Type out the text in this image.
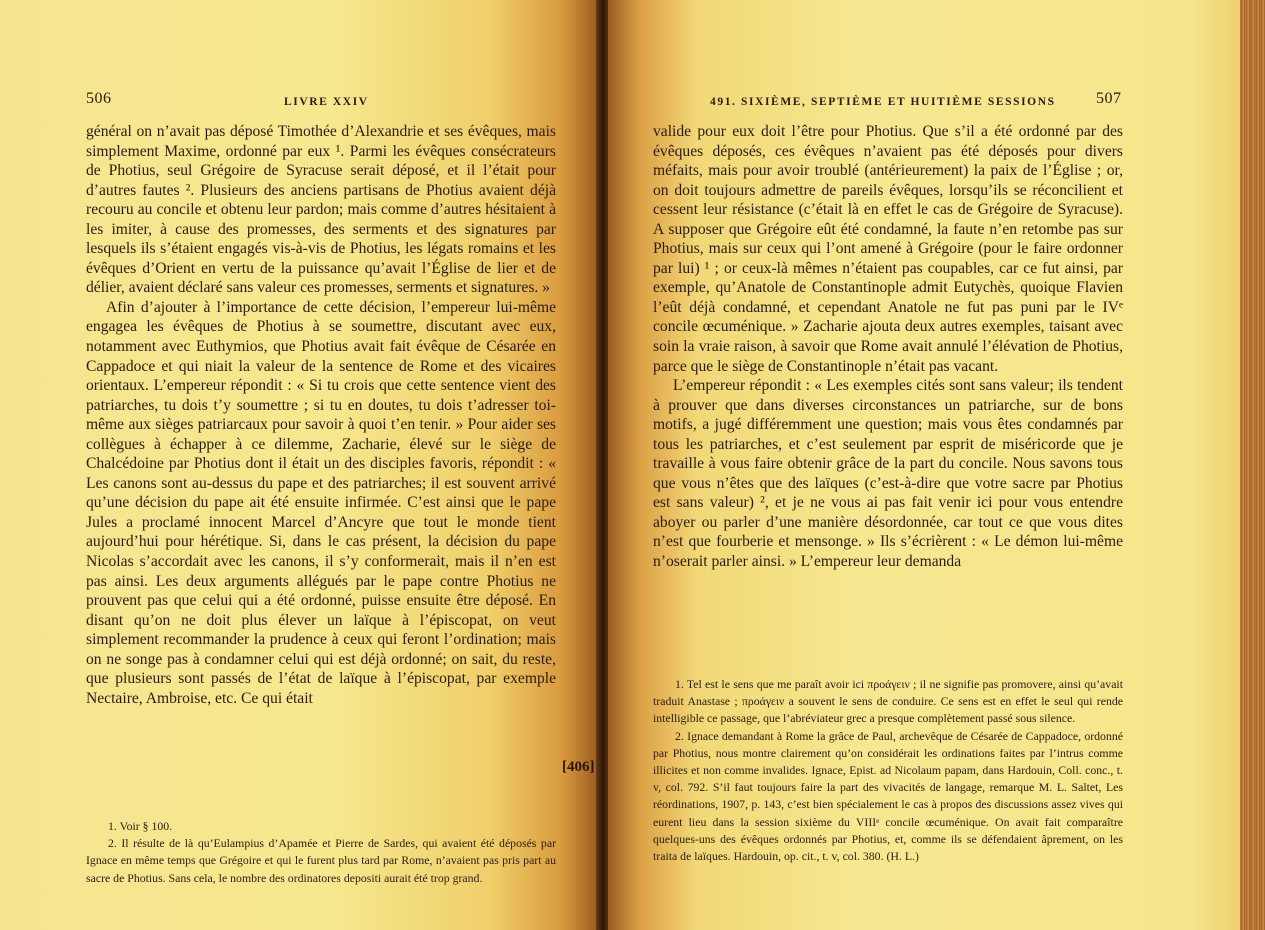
506	LIVRE XXIV

général on n’avait pas déposé Timothée d’Alexandrie et ses évêques, mais simplement Maxime, ordonné par eux ¹. Parmi les évêques consécrateurs de Photius, seul Grégoire de Syracuse serait déposé, et il l’était pour d’autres fautes ². Plusieurs des anciens partisans de Photius avaient déjà recouru au concile et obtenu leur pardon; mais comme d’autres hésitaient à les imiter, à cause des promesses, des serments et des signatures par lesquels ils s’étaient engagés vis-à-vis de Photius, les légats romains et les évêques d’Orient en vertu de la puissance qu’avait l’Église de lier et de délier, avaient déclaré sans valeur ces promesses, serments et signatures. »

Afin d’ajouter à l’importance de cette décision, l’empereur lui-même engagea les évêques de Photius à se soumettre, discutant avec eux, notamment avec Euthymios, que Photius avait fait évêque de Césarée en Cappadoce et qui niait la valeur de la sentence de Rome et des vicaires orientaux. L’empereur répondit : « Si tu crois que cette sentence vient des patriarches, tu dois t’y soumettre ; si tu en doutes, tu dois t’adresser toi-même aux sièges patriarcaux pour savoir à quoi t’en tenir. » Pour aider ses collègues à échapper à ce dilemme, Zacharie, élevé sur le siège de Chalcédoine par Photius dont il était un des disciples favoris, répondit : « Les canons sont au-dessus du pape et des patriarches; il est souvent arrivé qu’une décision du pape ait été ensuite infirmée. C’est ainsi que le pape Jules a proclamé innocent Marcel d’Ancyre que tout le monde tient aujourd’hui pour hérétique. Si, dans le cas présent, la décision du pape Nicolas s’accordait avec les canons, il s’y conformerait, mais il n’en est pas ainsi. Les deux arguments allégués par le pape contre Photius ne prouvent pas que celui qui a été ordonné, puisse ensuite être déposé. En disant qu’on ne doit plus élever un laïque à l’épiscopat, on veut simplement recommander la prudence à ceux qui feront l’ordination; mais on ne songe pas à condamner celui qui est déjà ordonné; on sait, du reste, que plusieurs sont passés de l’état de laïque à l’épiscopat, par exemple Nectaire, Ambroise, etc. Ce qui était

1. Voir § 100.

2. Il résulte de là qu’Eulampius d’Apamée et Pierre de Sardes, qui avaient été déposés par Ignace en même temps que Grégoire et qui le furent plus tard par Rome, n’avaient pas pris part au sacre de Photius. Sans cela, le nombre des ordinatores depositi aurait été trop grand.

[406]
491. SIXIÈME, SEPTIÈME ET HUITIÈME SESSIONS	507

valide pour eux doit l’être pour Photius. Que s’il a été ordonné par des évêques déposés, ces évêques n’avaient pas été déposés pour divers méfaits, mais pour avoir troublé (antérieurement) la paix de l’Église ; or, on doit toujours admettre de pareils évêques, lorsqu’ils se réconcilient et cessent leur résistance (c’était là en effet le cas de Grégoire de Syracuse). A supposer que Grégoire eût été condamné, la faute n’en retombe pas sur Photius, mais sur ceux qui l’ont amené à Grégoire (pour le faire ordonner par lui) ¹ ; or ceux-là mêmes n’étaient pas coupables, car ce fut ainsi, par exemple, qu’Anatole de Constantinople admit Eutychès, quoique Flavien l’eût déjà condamné, et cependant Anatole ne fut pas puni par le IVᵉ concile œcuménique. » Zacharie ajouta deux autres exemples, taisant avec soin la vraie raison, à savoir que Rome avait annulé l’élévation de Photius, parce que le siège de Constantinople n’était pas vacant.

L’empereur répondit : « Les exemples cités sont sans valeur; ils tendent à prouver que dans diverses circonstances un patriarche, sur de bons motifs, a jugé différemment une question; mais vous êtes condamnés par tous les patriarches, et c’est seulement par esprit de miséricorde que je travaille à vous faire obtenir grâce de la part du concile. Nous savons tous que vous n’êtes que des laïques (c’est-à-dire que votre sacre par Photius est sans valeur) ², et je ne vous ai pas fait venir ici pour vous entendre aboyer ou parler d’une manière désordonnée, car tout ce que vous dites n’est que fourberie et mensonge. » Ils s’écrièrent : « Le démon lui-même n’oserait parler ainsi. » L’empereur leur demanda

1. Tel est le sens que me paraît avoir ici προάγειν ; il ne signifie pas promovere, ainsi qu’avait traduit Anastase ; προάγειν a souvent le sens de conduire. Ce sens est en effet le seul qui rende intelligible ce passage, que l’abréviateur grec a presque complètement passé sous silence.

2. Ignace demandant à Rome la grâce de Paul, archevêque de Césarée de Cappadoce, ordonné par Photius, nous montre clairement qu’on considérait les ordinations faites par l’intrus comme illicites et non comme invalides. Ignace, Epist. ad Nicolaum papam, dans Hardouin, Coll. conc., t. v, col. 792. S’il faut toujours faire la part des vivacités de langage, remarque M. L. Saltet, Les réordinations, 1907, p. 143, c’est bien spécialement le cas à propos des discussions assez vives qui eurent lieu dans la session sixième du VIIIᵉ concile œcuménique. On avait fait comparaître quelques-uns des évêques ordonnés par Photius, et, comme ils se défendaient âprement, on les traita de laïques. Hardouin, op. cit., t. v, col. 380. (H. L.)
